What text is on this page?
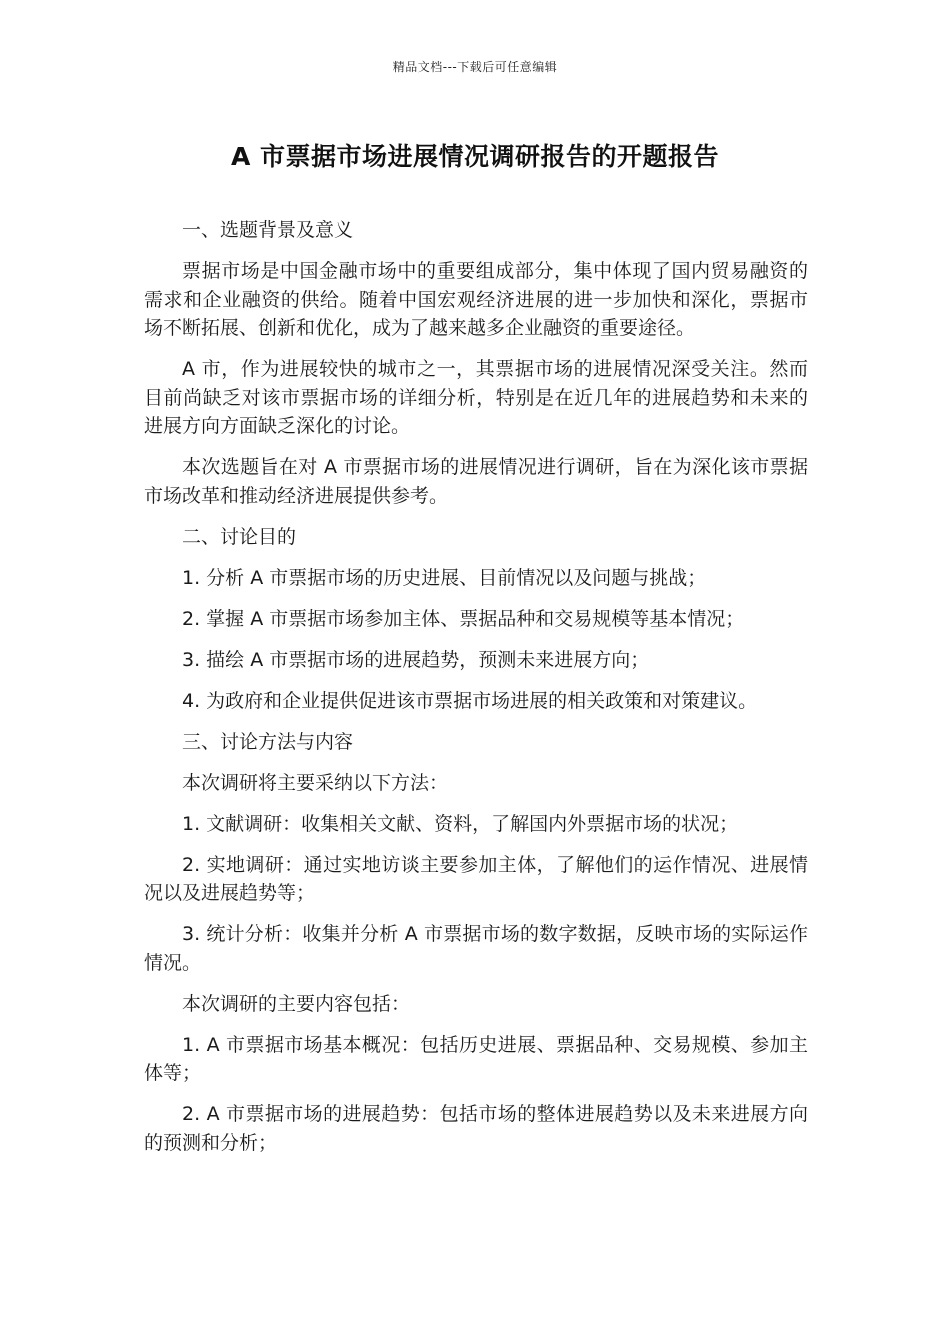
精品文档---下载后可任意编辑
A 市票据市场进展情况调研报告的开题报告

一、选题背景及意义

票据市场是中国金融市场中的重要组成部分，集中体现了国内贸易融资的需求和企业融资的供给。随着中国宏观经济进展的进一步加快和深化，票据市场不断拓展、创新和优化，成为了越来越多企业融资的重要途径。

A 市，作为进展较快的城市之一，其票据市场的进展情况深受关注。然而目前尚缺乏对该市票据市场的详细分析，特别是在近几年的进展趋势和未来的进展方向方面缺乏深化的讨论。

本次选题旨在对 A 市票据市场的进展情况进行调研，旨在为深化该市票据市场改革和推动经济进展提供参考。

二、讨论目的

1. 分析 A 市票据市场的历史进展、目前情况以及问题与挑战；

2. 掌握 A 市票据市场参加主体、票据品种和交易规模等基本情况；

3. 描绘 A 市票据市场的进展趋势，预测未来进展方向；

4. 为政府和企业提供促进该市票据市场进展的相关政策和对策建议。

三、讨论方法与内容

本次调研将主要采纳以下方法：

1. 文献调研：收集相关文献、资料，了解国内外票据市场的状况；

2. 实地调研：通过实地访谈主要参加主体，了解他们的运作情况、进展情况以及进展趋势等；

3. 统计分析：收集并分析 A 市票据市场的数字数据，反映市场的实际运作情况。

本次调研的主要内容包括：

1. A 市票据市场基本概况：包括历史进展、票据品种、交易规模、参加主体等；

2. A 市票据市场的进展趋势：包括市场的整体进展趋势以及未来进展方向的预测和分析；
